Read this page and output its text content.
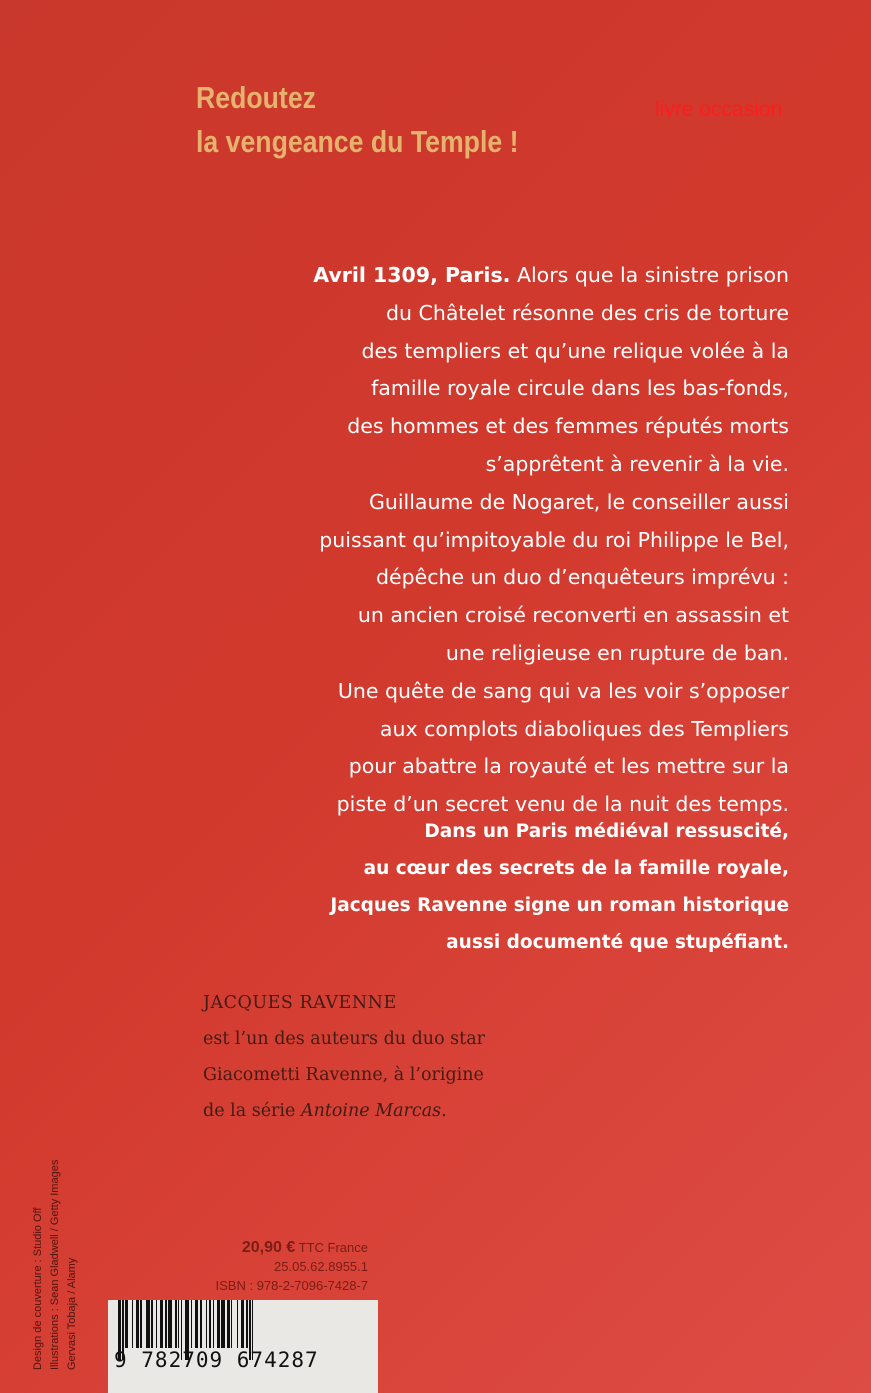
Redoutez
la vengeance du Temple !
livre occasion
Avril 1309, Paris. Alors que la sinistre prison
du Châtelet résonne des cris de torture
des templiers et qu’une relique volée à la
famille royale circule dans les bas-fonds,
des hommes et des femmes réputés morts
s’apprêtent à revenir à la vie.
Guillaume de Nogaret, le conseiller aussi
puissant qu’impitoyable du roi Philippe le Bel,
dépêche un duo d’enquêteurs imprévu :
un ancien croisé reconverti en assassin et
une religieuse en rupture de ban.
Une quête de sang qui va les voir s’opposer
aux complots diaboliques des Templiers
pour abattre la royauté et les mettre sur la
piste d’un secret venu de la nuit des temps.
Dans un Paris médiéval ressuscité,
au cœur des secrets de la famille royale,
Jacques Ravenne signe un roman historique
aussi documenté que stupéfiant.
JACQUES RAVENNE
est l’un des auteurs du duo star
Giacometti Ravenne, à l’origine
de la série Antoine Marcas.
Design de couverture : Studio Off Illustrations : Sean Gladwell / Getty Images Gervasi Tobaja / Alamy
20,90 € TTC France
25.05.62.8955.1
ISBN : 978-2-7096-7428-7
9 782709 674287
